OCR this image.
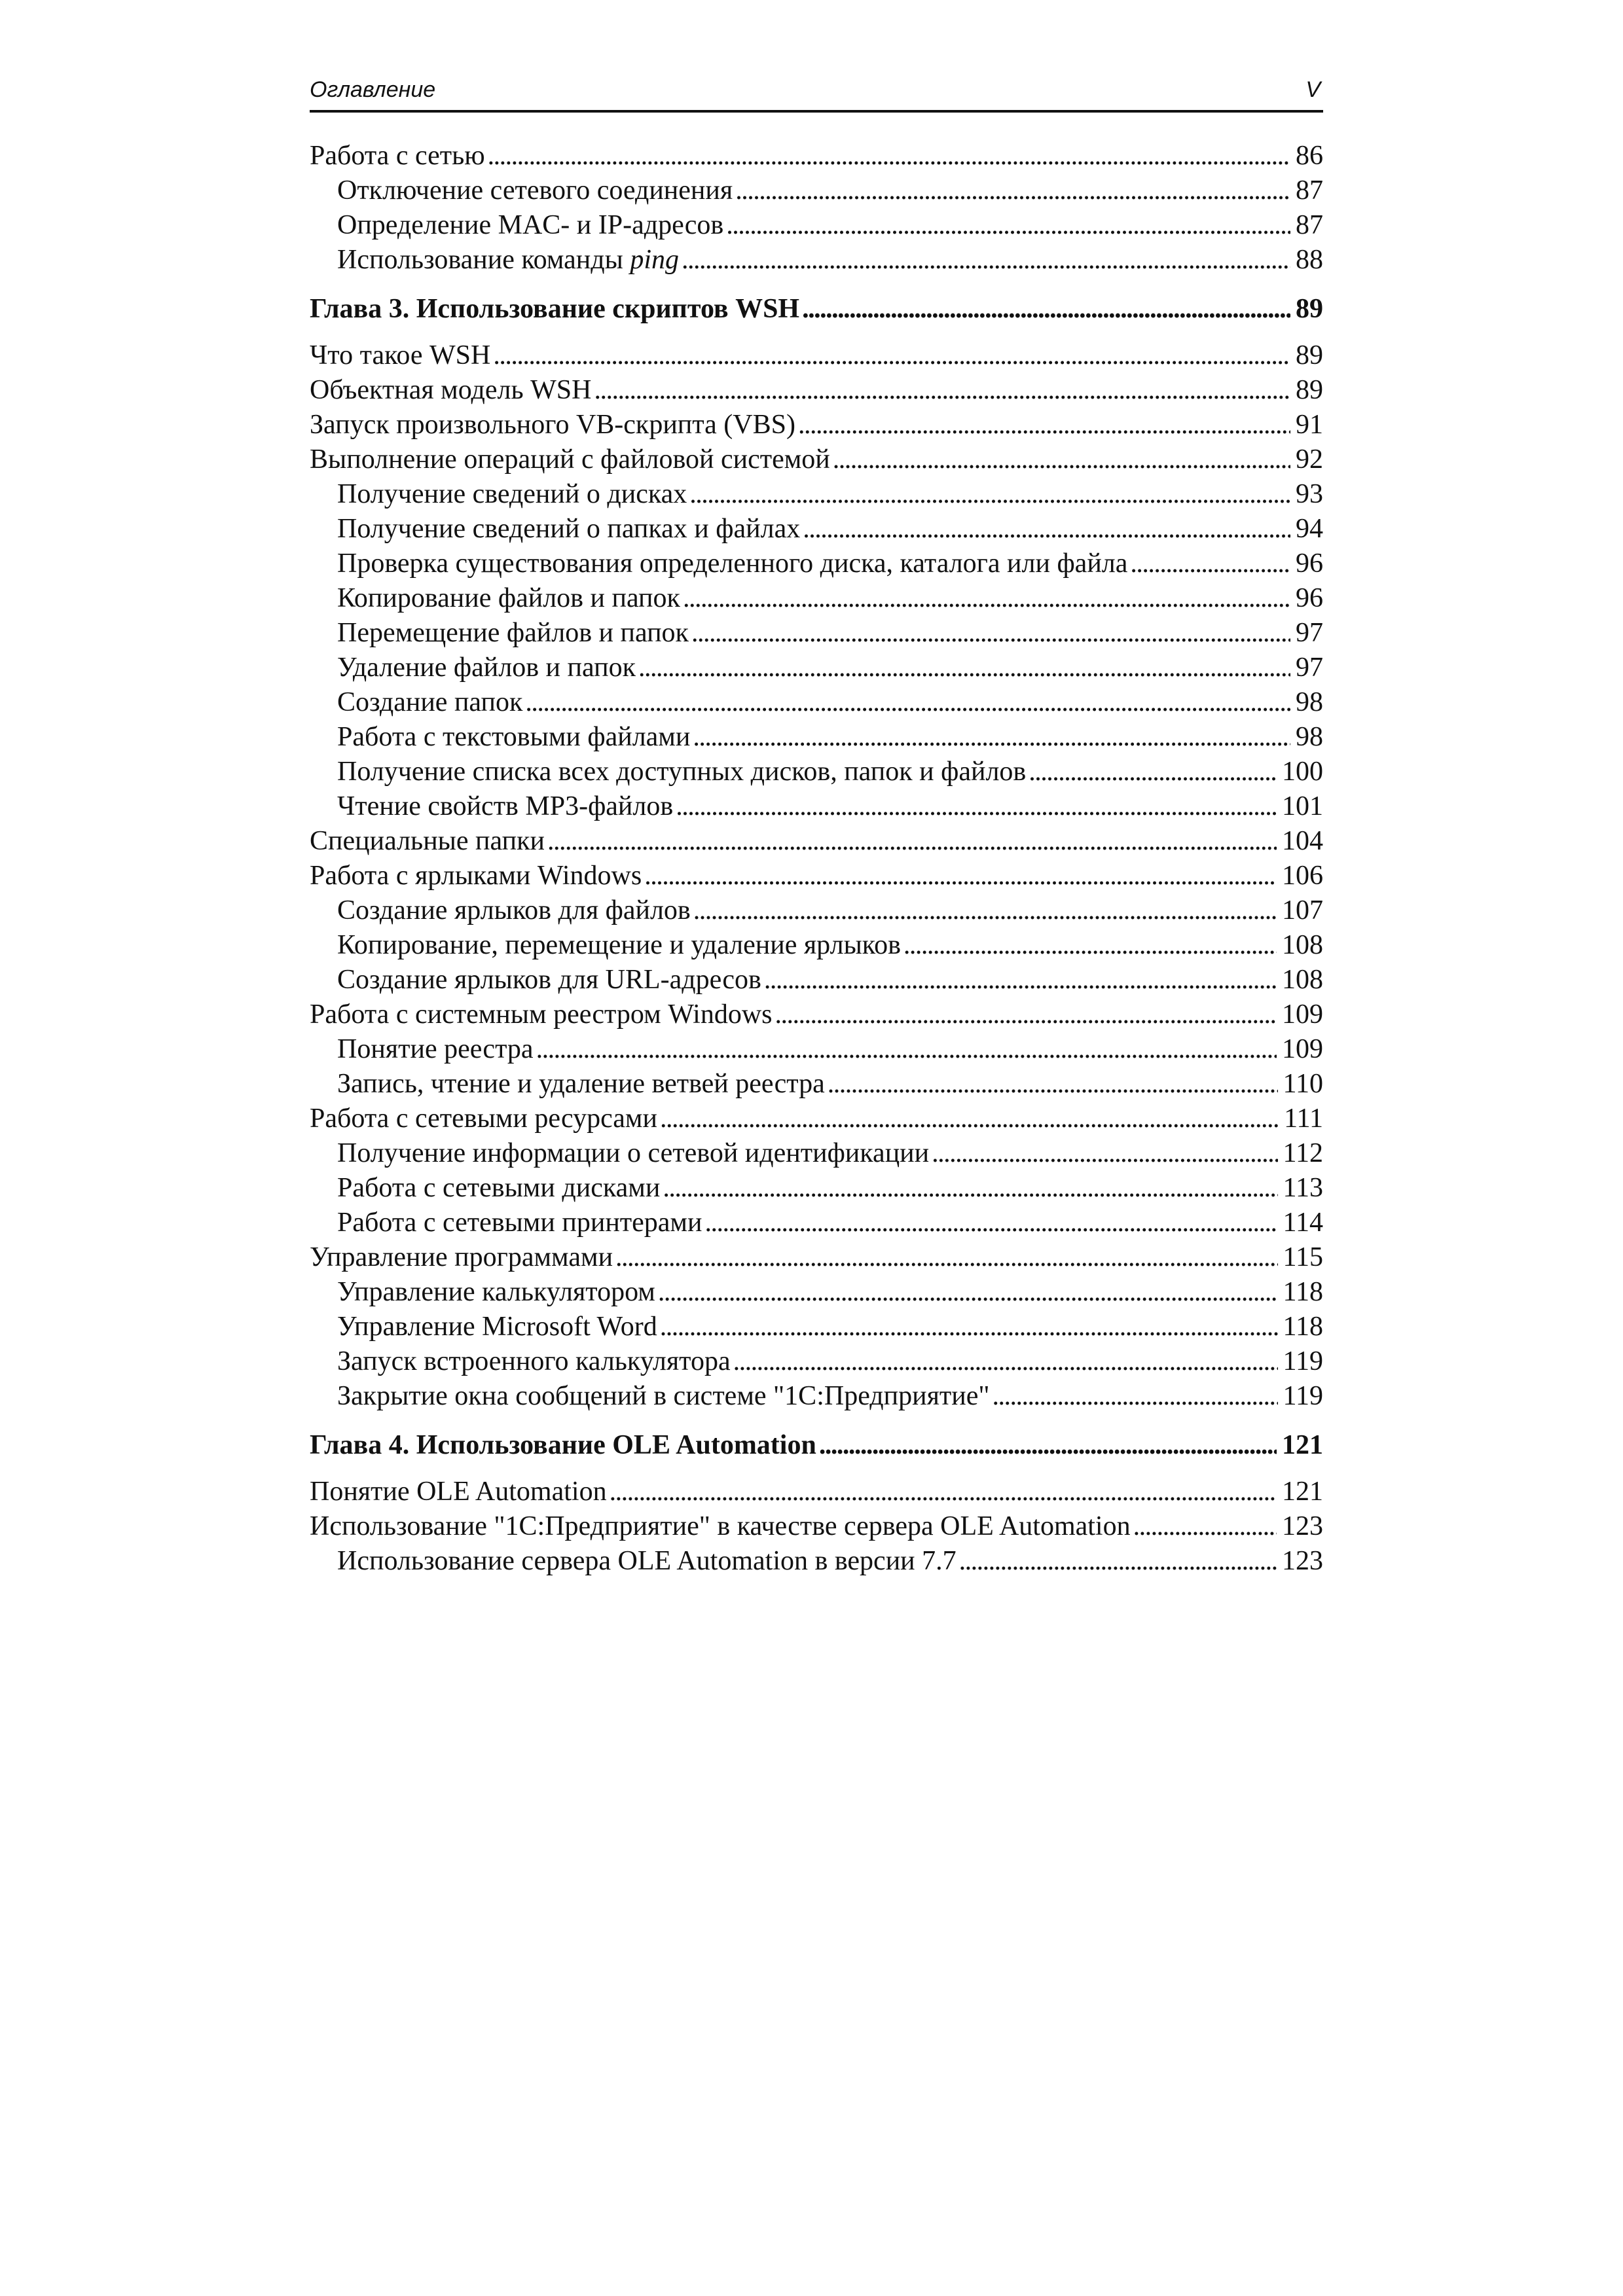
Оглавление	V
Работа с сетью . . .	86
Отключение сетевого соединения . . .	87
Определение MAC- и IP-адресов . . .	87
Использование команды ping . . .	88
Глава 3. Использование скриптов WSH . . .	89
Что такое WSH . . .	89
Объектная модель WSH . . .	89
Запуск произвольного VB-скрипта (VBS) . . .	91
Выполнение операций с файловой системой . . .	92
Получение сведений о дисках . . .	93
Получение сведений о папках и файлах . . .	94
Проверка существования определенного диска, каталога или файла . . .	96
Копирование файлов и папок . . .	96
Перемещение файлов и папок . . .	97
Удаление файлов и папок . . .	97
Создание папок . . .	98
Работа с текстовыми файлами . . .	98
Получение списка всех доступных дисков, папок и файлов . . .	100
Чтение свойств MP3-файлов . . .	101
Специальные папки . . .	104
Работа с ярлыками Windows . . .	106
Создание ярлыков для файлов . . .	107
Копирование, перемещение и удаление ярлыков . . .	108
Создание ярлыков для URL-адресов . . .	108
Работа с системным реестром Windows . . .	109
Понятие реестра . . .	109
Запись, чтение и удаление ветвей реестра . . .	110
Работа с сетевыми ресурсами . . .	111
Получение информации о сетевой идентификации . . .	112
Работа с сетевыми дисками . . .	113
Работа с сетевыми принтерами . . .	114
Управление программами . . .	115
Управление калькулятором . . .	118
Управление Microsoft Word . . .	118
Запуск встроенного калькулятора . . .	119
Закрытие окна сообщений в системе "1С:Предприятие" . . .	119
Глава 4. Использование OLE Automation . . .	121
Понятие OLE Automation . . .	121
Использование "1С:Предприятие" в качестве сервера OLE Automation . . .	123
Использование сервера OLE Automation в версии 7.7 . . .	123
